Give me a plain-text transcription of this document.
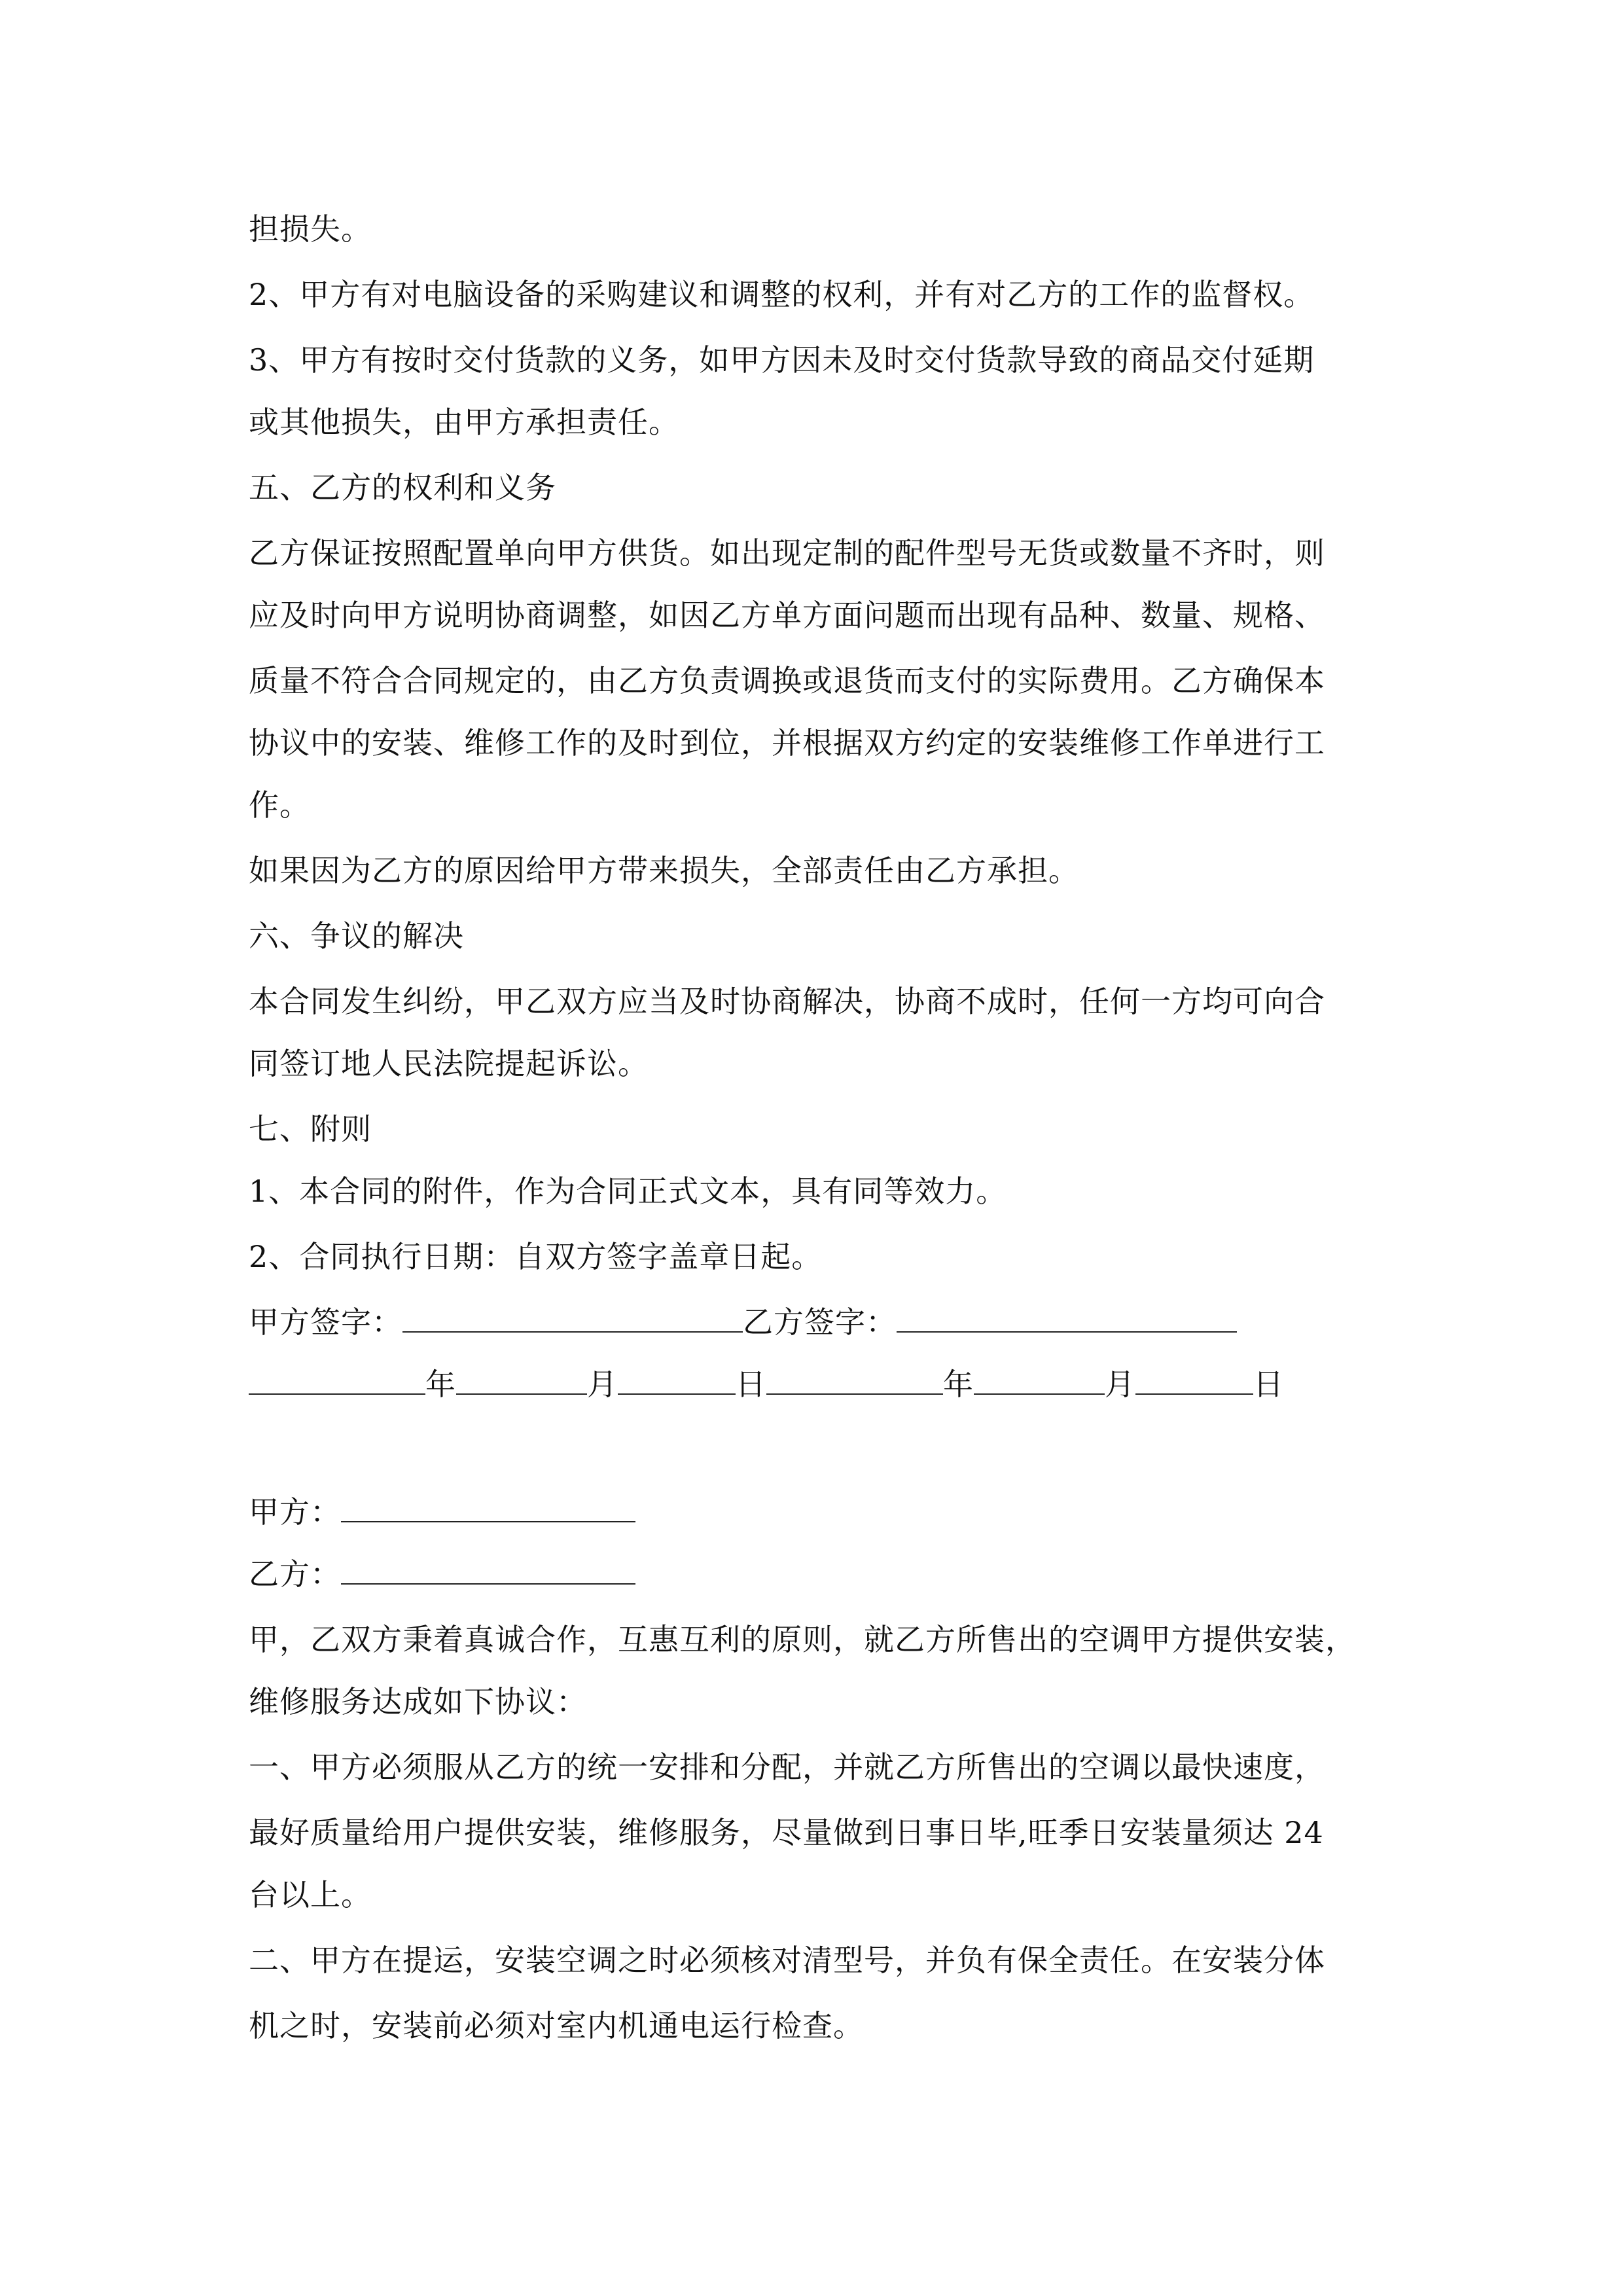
担损失。
2、甲方有对电脑设备的采购建议和调整的权利，并有对乙方的工作的监督权。
3、甲方有按时交付货款的义务，如甲方因未及时交付货款导致的商品交付延期
或其他损失，由甲方承担责任。
五、乙方的权利和义务
乙方保证按照配置单向甲方供货。如出现定制的配件型号无货或数量不齐时，则
应及时向甲方说明协商调整，如因乙方单方面问题而出现有品种、数量、规格、
质量不符合合同规定的，由乙方负责调换或退货而支付的实际费用。乙方确保本
协议中的安装、维修工作的及时到位，并根据双方约定的安装维修工作单进行工
作。
如果因为乙方的原因给甲方带来损失，全部责任由乙方承担。
六、争议的解决
本合同发生纠纷，甲乙双方应当及时协商解决，协商不成时，任何一方均可向合
同签订地人民法院提起诉讼。
七、附则
1、本合同的附件，作为合同正式文本，具有同等效力。
2、合同执行日期：自双方签字盖章日起。
甲方签字：	乙方签字：
年	月	日	年	月	日
甲方：
乙方：
甲，乙双方秉着真诚合作，互惠互利的原则，就乙方所售出的空调甲方提供安装，
维修服务达成如下协议：
一、甲方必须服从乙方的统一安排和分配，并就乙方所售出的空调以最快速度，
最好质量给用户提供安装，维修服务，尽量做到日事日毕,旺季日安装量须达 24
台以上。
二、甲方在提运，安装空调之时必须核对清型号，并负有保全责任。在安装分体
机之时，安装前必须对室内机通电运行检查。
